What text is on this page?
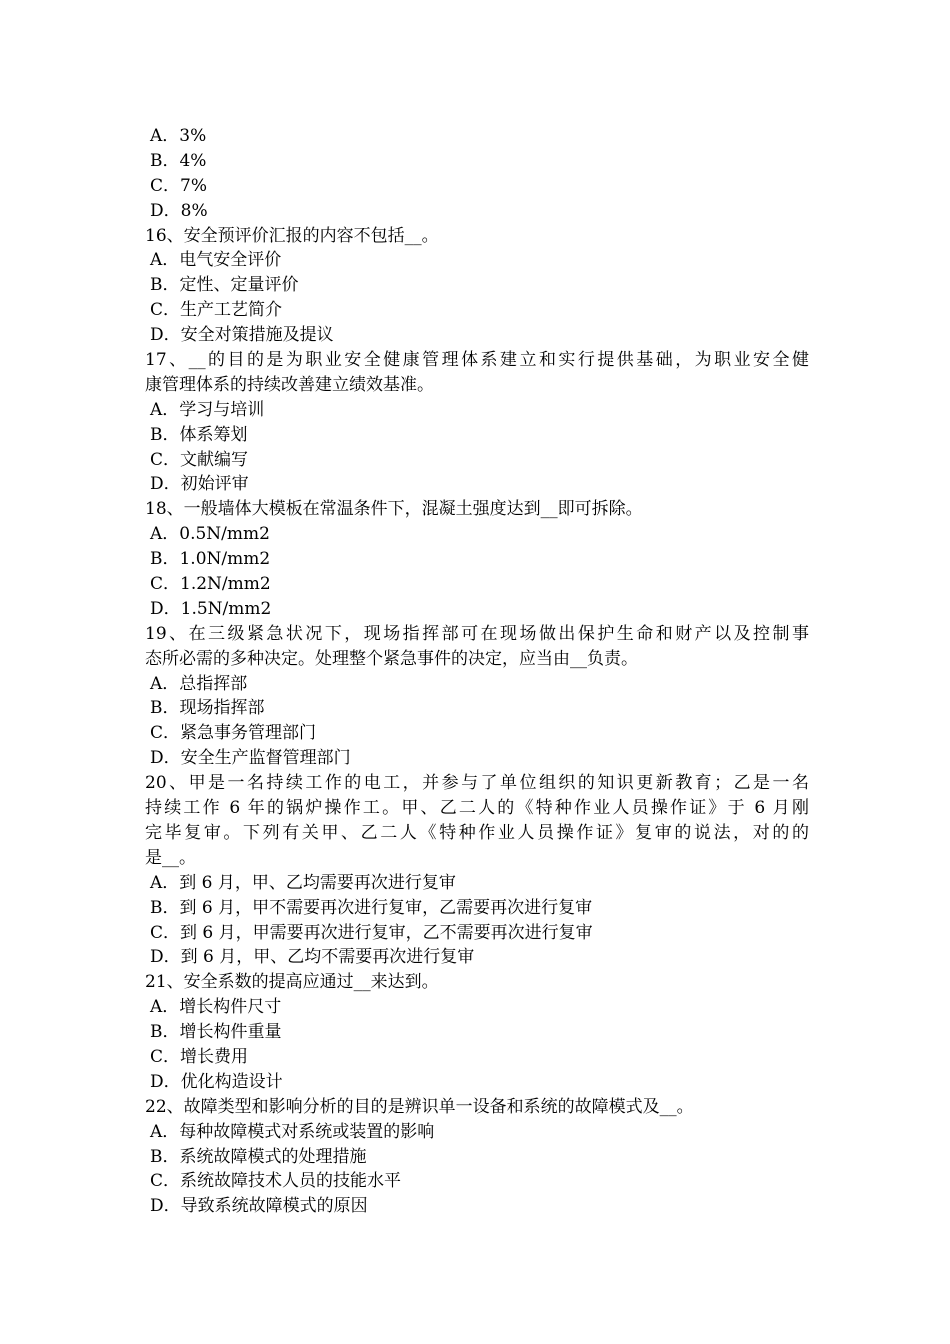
A．3%
B．4%
C．7%
D．8%
16、安全预评价汇报的内容不包括__。
A．电气安全评价
B．定性、定量评价
C．生产工艺简介
D．安全对策措施及提议
17、__的目的是为职业安全健康管理体系建立和实行提供基础，为职业安全健
康管理体系的持续改善建立绩效基准。
A．学习与培训
B．体系筹划
C．文献编写
D．初始评审
18、一般墙体大模板在常温条件下，混凝土强度达到__即可拆除。
A．0.5N/mm2
B．1.0N/mm2
C．1.2N/mm2
D．1.5N/mm2
19、在三级紧急状况下，现场指挥部可在现场做出保护生命和财产以及控制事
态所必需的多种决定。处理整个紧急事件的决定，应当由__负责。
A．总指挥部
B．现场指挥部
C．紧急事务管理部门
D．安全生产监督管理部门
20、甲是一名持续工作的电工，并参与了单位组织的知识更新教育；乙是一名
持续工作 6 年的锅炉操作工。甲、乙二人的《特种作业人员操作证》于 6 月刚
完毕复审。下列有关甲、乙二人《特种作业人员操作证》复审的说法，对的的
是__。
A．到 6 月，甲、乙均需要再次进行复审
B．到 6 月，甲不需要再次进行复审，乙需要再次进行复审
C．到 6 月，甲需要再次进行复审，乙不需要再次进行复审
D．到 6 月，甲、乙均不需要再次进行复审
21、安全系数的提高应通过__来达到。
A．增长构件尺寸
B．增长构件重量
C．增长费用
D．优化构造设计
22、故障类型和影响分析的目的是辨识单一设备和系统的故障模式及__。
A．每种故障模式对系统或装置的影响
B．系统故障模式的处理措施
C．系统故障技术人员的技能水平
D．导致系统故障模式的原因
